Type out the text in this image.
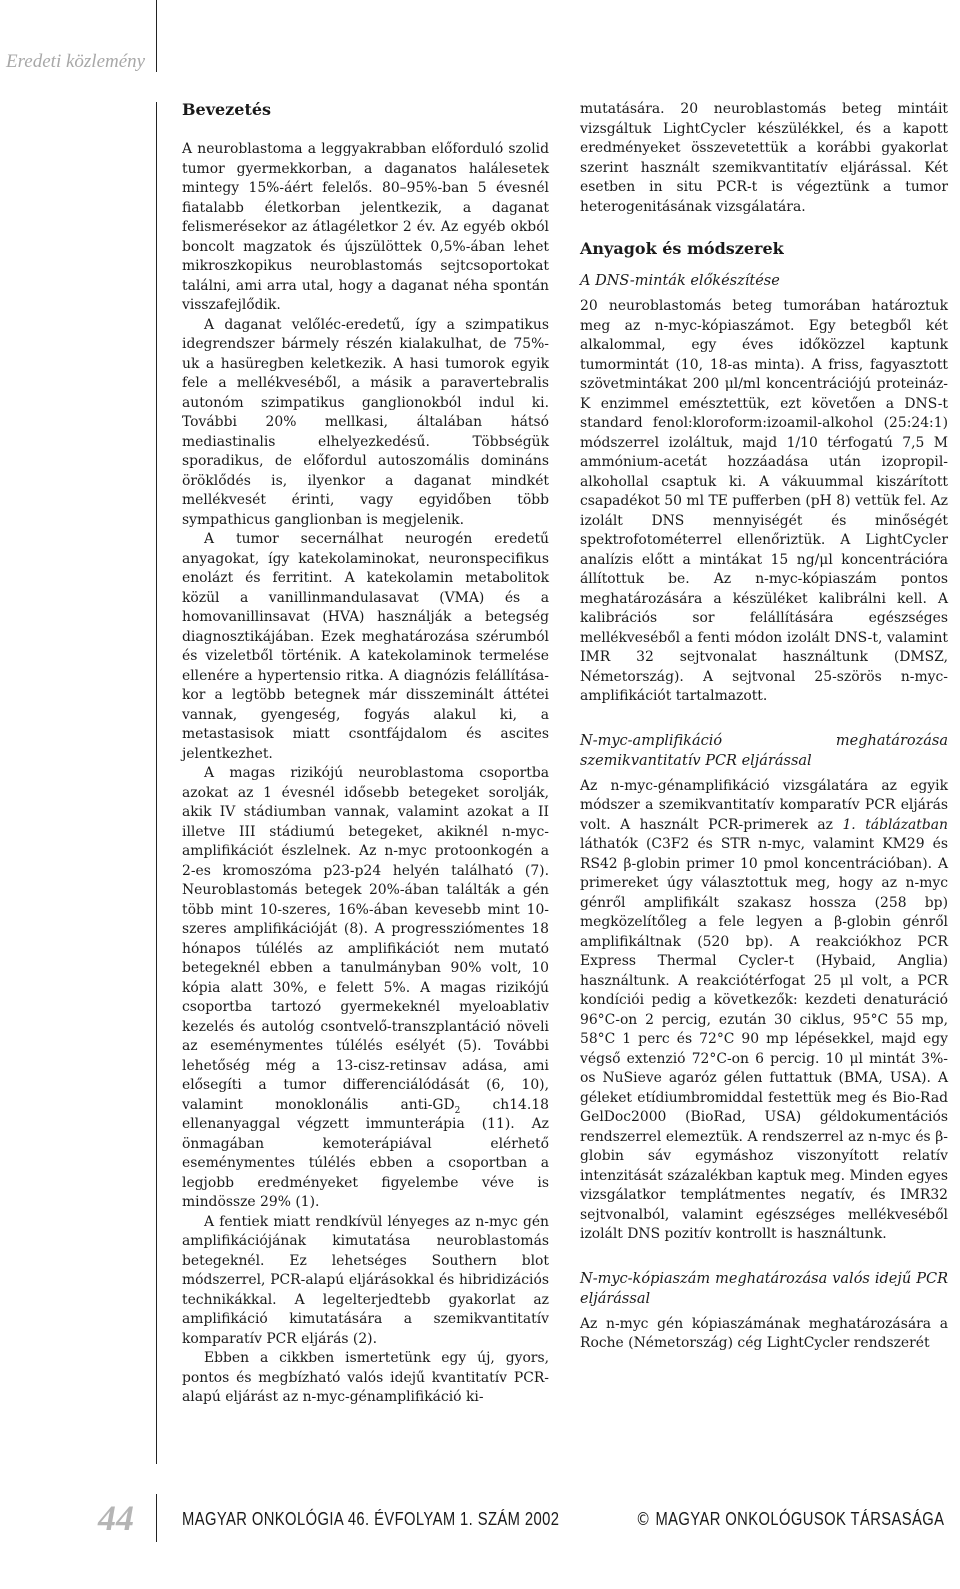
Eredeti közlemény
Bevezetés

A neuroblastoma a leggyakrabban előforduló szolid tumor gyermekkorban, a daganatos halálesetek mintegy 15%-áért felelős. 80–95%-ban 5 évesnél fiatalabb életkorban jelentkezik, a daganat felismerésekor az átlagéletkor 2 év. Az egyéb okból boncolt magzatok és újszülöttek 0,5%-ában lehet mikroszkopikus neuroblastomás sejtcsoportokat találni, ami arra utal, hogy a daganat néha spontán visszafejlődik.

A daganat velőléc-eredetű, így a szimpatikus idegrendszer bármely részén kialakulhat, de 75%-uk a hasüregben keletkezik. A hasi tumorok egyik fele a mellékveséből, a másik a paravertebralis autonóm szimpatikus ganglionokból indul ki. További 20% mellkasi, általában hátsó mediastinalis elhelyezkedésű. Többségük sporadikus, de előfordul autoszomális domináns öröklődés is, ilyenkor a daganat mindkét mellékvesét érinti, vagy egyidőben több sympathicus ganglionban is megjelenik.

A tumor secernálhat neurogén eredetű anyagokat, így katekolaminokat, neuronspecifikus enolázt és ferritint. A katekolamin metabolitok közül a vanillinmandulasavat (VMA) és a homovanillinsavat (HVA) használják a betegség diagnosztikájában. Ezek meghatározása szérumból és vizeletből történik. A katekolaminok termelése ellenére a hypertensio ritka. A diagnózis felállításakor a legtöbb betegnek már disszeminált áttétei vannak, gyengeség, fogyás alakul ki, a metastasisok miatt csontfájdalom és ascites jelentkezhet.

A magas rizikójú neuroblastoma csoportba azokat az 1 évesnél idősebb betegeket sorolják, akik IV stádiumban vannak, valamint azokat a II illetve III stádiumú betegeket, akiknél n-myc-amplifikációt észlelnek. Az n-myc protoonkogén a 2-es kromoszóma p23-p24 helyén található (7). Neuroblastomás betegek 20%-ában találták a gén több mint 10-szeres, 16%-ában kevesebb mint 10-szeres amplifikációját (8). A progressziómentes 18 hónapos túlélés az amplifikációt nem mutató betegeknél ebben a tanulmányban 90% volt, 10 kópia alatt 30%, e felett 5%. A magas rizikójú csoportba tartozó gyermekeknél myeloablativ kezelés és autológ csontvelő-transzplantáció növeli az eseménymentes túlélés esélyét (5). További lehetőség még a 13-cisz-retinsav adása, ami elősegíti a tumor differenciálódását (6, 10), valamint monoklonális anti-$GD_2$ ch14.18 ellenanyaggal végzett immunterápia (11). Az önmagában kemoterápiával elérhető eseménymentes túlélés ebben a csoportban a legjobb eredményeket figyelembe véve is mindössze 29% (1).

A fentiek miatt rendkívül lényeges az n-myc gén amplifikációjának kimutatása neuroblastomás betegeknél. Ez lehetséges Southern blot módszerrel, PCR-alapú eljárásokkal és hibridizációs technikákkal. A legelterjedtebb gyakorlat az amplifikáció kimutatására a szemikvantitatív komparatív PCR eljárás (2).

Ebben a cikkben ismertetünk egy új, gyors, pontos és megbízható valós idejű kvantitatív PCR-alapú eljárást az n-myc-génamplifikáció ki-

mutatására. 20 neuroblastomás beteg mintáit vizsgáltuk LightCycler készülékkel, és a kapott eredményeket összevetettük a korábbi gyakorlat szerint használt szemikvantitatív eljárással. Két esetben in situ PCR-t is végeztünk a tumor heterogenitásának vizsgálatára.

Anyagok és módszerek
A DNS-minták előkészítése

20 neuroblastomás beteg tumorában határoztuk meg az n-myc-kópiaszámot. Egy betegből két alkalommal, egy éves időközzel kaptunk tumormintát (10, 18-as minta). A friss, fagyasztott szövetmintákat 200 μl/ml koncentrációjú proteináz-K enzimmel emésztettük, ezt követően a DNS-t standard fenol:kloroform:izoamil-alkohol (25:24:1) módszerrel izoláltuk, majd 1/10 térfogatú 7,5 M ammónium-acetát hozzáadása után izopropil-alkohollal csaptuk ki. A vákuummal kiszárított csapadékot 50 ml TE pufferben (pH 8) vettük fel. Az izolált DNS mennyiségét és minőségét spektrofotométerrel ellenőriztük. A LightCycler analízis előtt a mintákat 15 ng/μl koncentrációra állítottuk be. Az n-myc-kópiaszám pontos meghatározására a készüléket kalibrálni kell. A kalibrációs sor felállítására egészséges mellékveséből a fenti módon izolált DNS-t, valamint IMR 32 sejtvonalat használtunk (DMSZ, Németország). A sejtvonal 25-szörös n-myc-amplifikációt tartalmazott.

N-myc-amplifikáció meghatározása szemikvantitatív PCR eljárással

Az n-myc-génamplifikáció vizsgálatára az egyik módszer a szemikvantitatív komparatív PCR eljárás volt. A használt PCR-primerek az 1. táblázatban láthatók (C3F2 és STR n-myc, valamint KM29 és RS42 β-globin primer 10 pmol koncentrációban). A primereket úgy választottuk meg, hogy az n-myc génről amplifikált szakasz hossza (258 bp) megközelítőleg a fele legyen a β-globin génről amplifikáltnak (520 bp). A reakciókhoz PCR Express Thermal Cycler-t (Hybaid, Anglia) használtunk. A reakciótérfogat 25 μl volt, a PCR kondíciói pedig a következők: kezdeti denaturáció 96°C-on 2 percig, ezután 30 ciklus, 95°C 55 mp, 58°C 1 perc és 72°C 90 mp lépésekkel, majd egy végső extenzió 72°C-on 6 percig. 10 μl mintát 3%-os NuSieve agaróz gélen futtattuk (BMA, USA). A géleket etídiumbromiddal festettük meg és Bio-Rad GelDoc2000 (BioRad, USA) géldokumentációs rendszerrel elemeztük. A rendszerrel az n-myc és β-globin sáv egymáshoz viszonyított relatív intenzitását százalékban kaptuk meg. Minden egyes vizsgálatkor templátmentes negatív, és IMR32 sejtvonalból, valamint egészséges mellékveséből izolált DNS pozitív kontrollt is használtunk.

N-myc-kópiaszám meghatározása valós idejű PCR eljárással

Az n-myc gén kópiaszámának meghatározására a Roche (Németország) cég LightCycler rendszerét

44	MAGYAR ONKOLÓGIA 46. ÉVFOLYAM 1. SZÁM 2002	© MAGYAR ONKOLÓGUSOK TÁRSASÁGA
